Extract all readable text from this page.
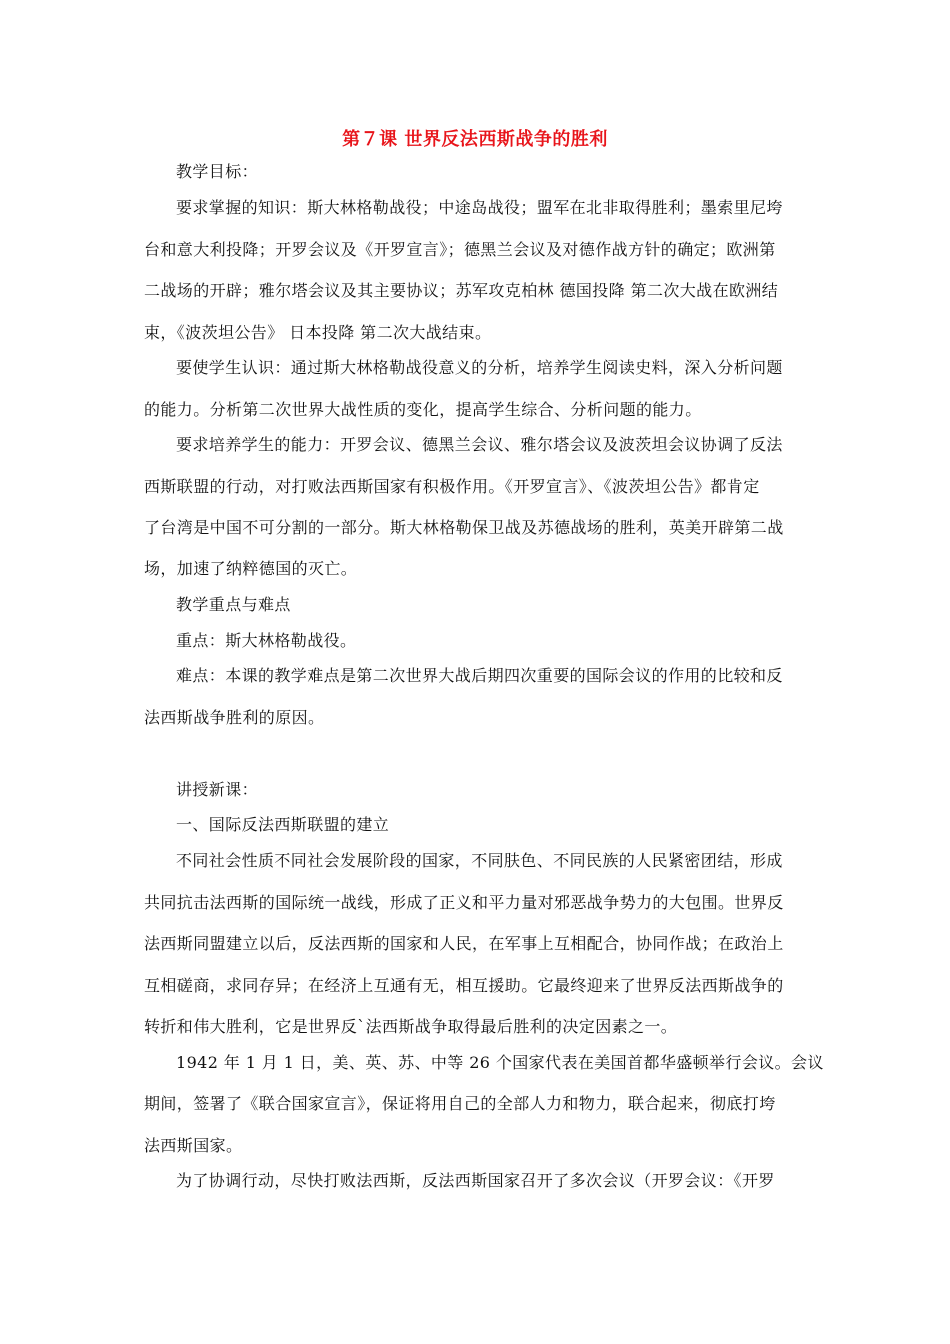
第７课 世界反法西斯战争的胜利
教学目标：
要求掌握的知识：斯大林格勒战役；中途岛战役；盟军在北非取得胜利；墨索里尼垮
台和意大利投降；开罗会议及《开罗宣言》；德黑兰会议及对德作战方针的确定；欧洲第
二战场的开辟；雅尔塔会议及其主要协议；苏军攻克柏林 德国投降 第二次大战在欧洲结
束，《波茨坦公告》 日本投降 第二次大战结束。
要使学生认识：通过斯大林格勒战役意义的分析，培养学生阅读史料，深入分析问题
的能力。分析第二次世界大战性质的变化，提高学生综合、分析问题的能力。
要求培养学生的能力：开罗会议、德黑兰会议、雅尔塔会议及波茨坦会议协调了反法
西斯联盟的行动，对打败法西斯国家有积极作用。《开罗宣言》、《波茨坦公告》都肯定
了台湾是中国不可分割的一部分。斯大林格勒保卫战及苏德战场的胜利，英美开辟第二战
场，加速了纳粹德国的灭亡。
教学重点与难点
重点：斯大林格勒战役。
难点：本课的教学难点是第二次世界大战后期四次重要的国际会议的作用的比较和反
法西斯战争胜利的原因。
讲授新课：
一、国际反法西斯联盟的建立
不同社会性质不同社会发展阶段的国家，不同肤色、不同民族的人民紧密团结，形成
共同抗击法西斯的国际统一战线，形成了正义和平力量对邪恶战争势力的大包围。世界反
法西斯同盟建立以后，反法西斯的国家和人民，在军事上互相配合，协同作战；在政治上
互相磋商，求同存异；在经济上互通有无，相互援助。它最终迎来了世界反法西斯战争的
转折和伟大胜利，它是世界反`法西斯战争取得最后胜利的决定因素之一。
1942 年 1 月 1 日，美、英、苏、中等 26 个国家代表在美国首都华盛顿举行会议。会议
期间，签署了《联合国家宣言》，保证将用自己的全部人力和物力，联合起来，彻底打垮
法西斯国家。
为了协调行动，尽快打败法西斯，反法西斯国家召开了多次会议（开罗会议：《开罗
